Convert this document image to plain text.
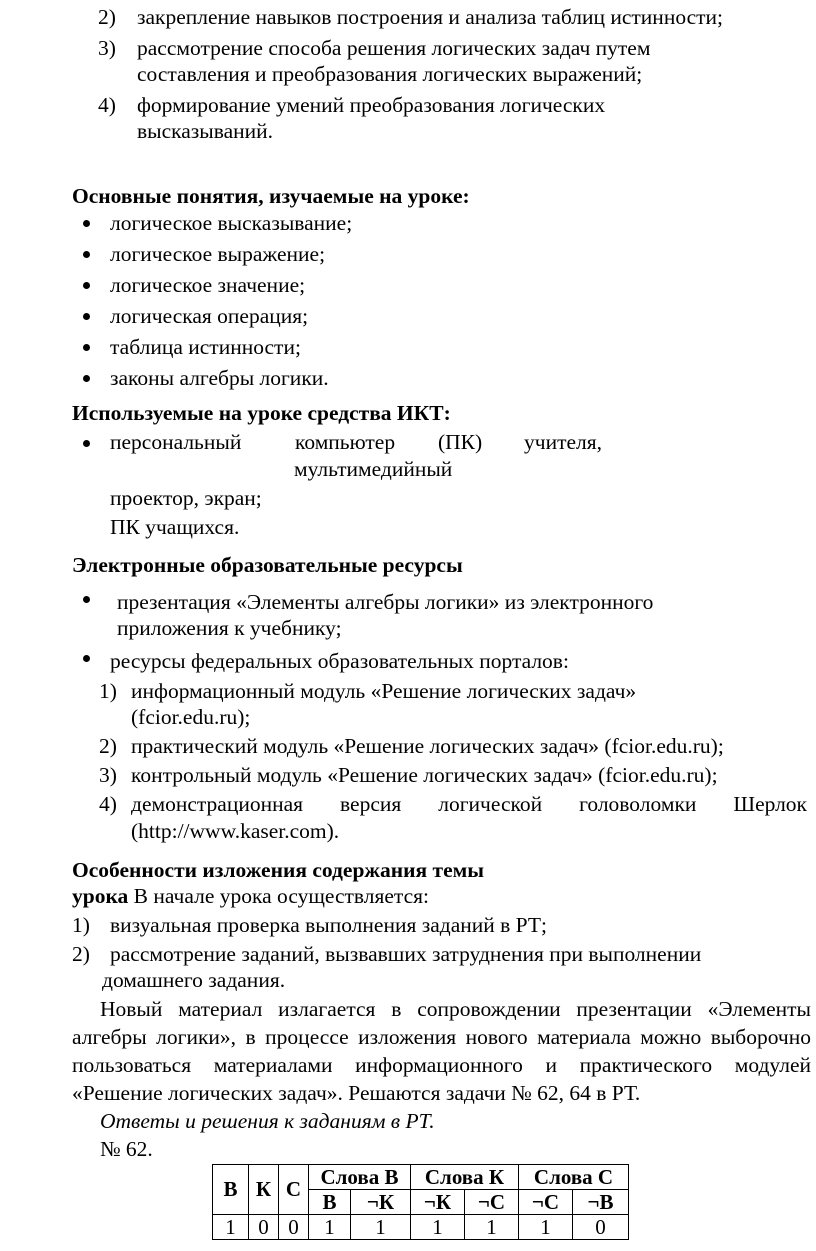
2) закрепление навыков построения и анализа таблиц истинности;
3) рассмотрение способа решения логических задач путем
составления и преобразования логических выражений;
4) формирование умений преобразования логических
высказываний.
Основные понятия, изучаемые на уроке:
логическое высказывание;
логическое выражение;
логическое значение;
логическая операция;
таблица истинности;
законы алгебры логики.
Используемые на уроке средства ИКТ:
персональный компьютер (ПК) учителя,
мультимедийный
проектор, экран;
ПК учащихся.
Электронные образовательные ресурсы
презентация «Элементы алгебры логики» из электронного
приложения к учебнику;
ресурсы федеральных образовательных порталов:
1) информационный модуль «Решение логических задач»
(fcior.edu.ru);
2) практический модуль «Решение логических задач» (fcior.edu.ru);
3) контрольный модуль «Решение логических задач» (fcior.edu.ru);
4) демонстрационная версия логической головоломки Шерлок
(http://www.kaser.com).
Особенности изложения содержания темы
урока В начале урока осуществляется:
1) визуальная проверка выполнения заданий в РТ;
2) рассмотрение заданий, вызвавших затруднения при выполнении
домашнего задания.
Новый материал излагается в сопровождении презентации «Элементы
алгебры логики», в процессе изложения нового материала можно выборочно
пользоваться материалами информационного и практического модулей
«Решение логических задач». Решаются задачи № 62, 64 в РТ.
Ответы и решения к заданиям в РТ.
№ 62.
В	К	С	Слова В		Слова К		Слова С	
			В	¬К	¬К	¬С	¬С	¬В
1	0	0	1	1	1	1	1	0
